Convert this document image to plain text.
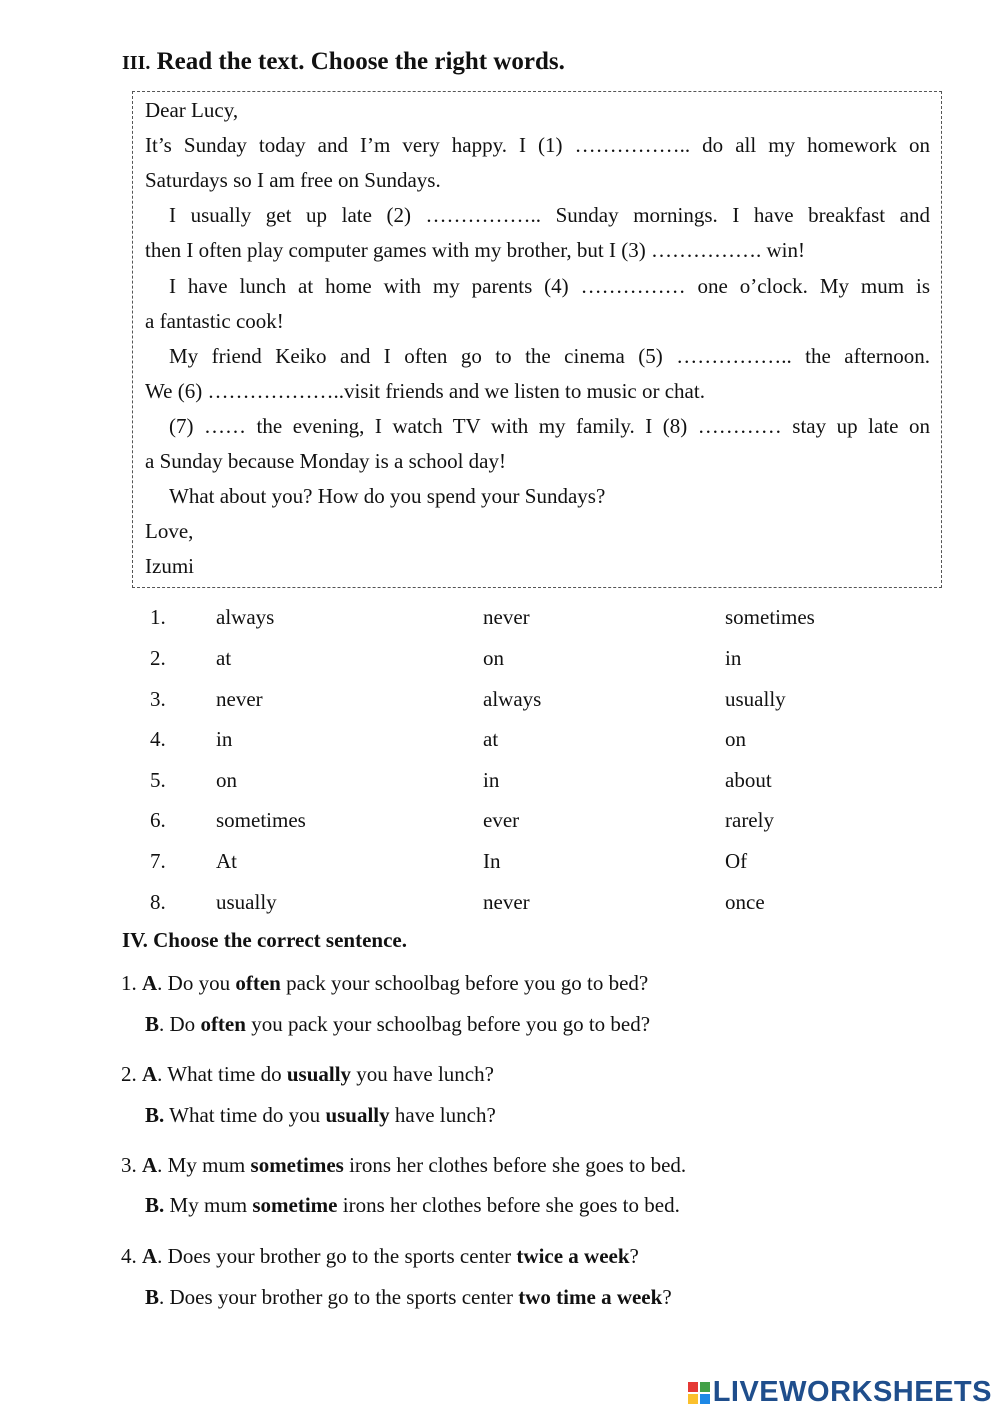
III. Read the text. Choose the right words.
Dear Lucy,
It’s Sunday today and I’m very happy. I (1) …………….. do all my homework on
Saturdays so I am free on Sundays.
I usually get up late (2) …………….. Sunday mornings. I have breakfast and
then I often play computer games with my brother, but I (3) ……………. win!
I have lunch at home with my parents (4) …………… one o’clock. My mum is
a fantastic cook!
My friend Keiko and I often go to the cinema (5) …………….. the afternoon.
We (6) ………………..visit friends and we listen to music or chat.
(7) …… the evening, I watch TV with my family. I (8) ………… stay up late on
a Sunday because Monday is a school day!
What about you? How do you spend your Sundays?
Love,
Izumi
1. always	never	sometimes
2. at	on	in
3. never	always	usually
4. in	at	on
5. on	in	about
6. sometimes	ever	rarely
7. At	In	Of
8. usually	never	once
IV. Choose the correct sentence.
1. A. Do you often pack your schoolbag before you go to bed?
B. Do often you pack your schoolbag before you go to bed?
2. A. What time do usually you have lunch?
B. What time do you usually have lunch?
3. A. My mum sometimes irons her clothes before she goes to bed.
B. My mum sometime irons her clothes before she goes to bed.
4. A. Does your brother go to the sports center twice a week?
B. Does your brother go to the sports center two time a week?
LIVEWORKSHEETS
